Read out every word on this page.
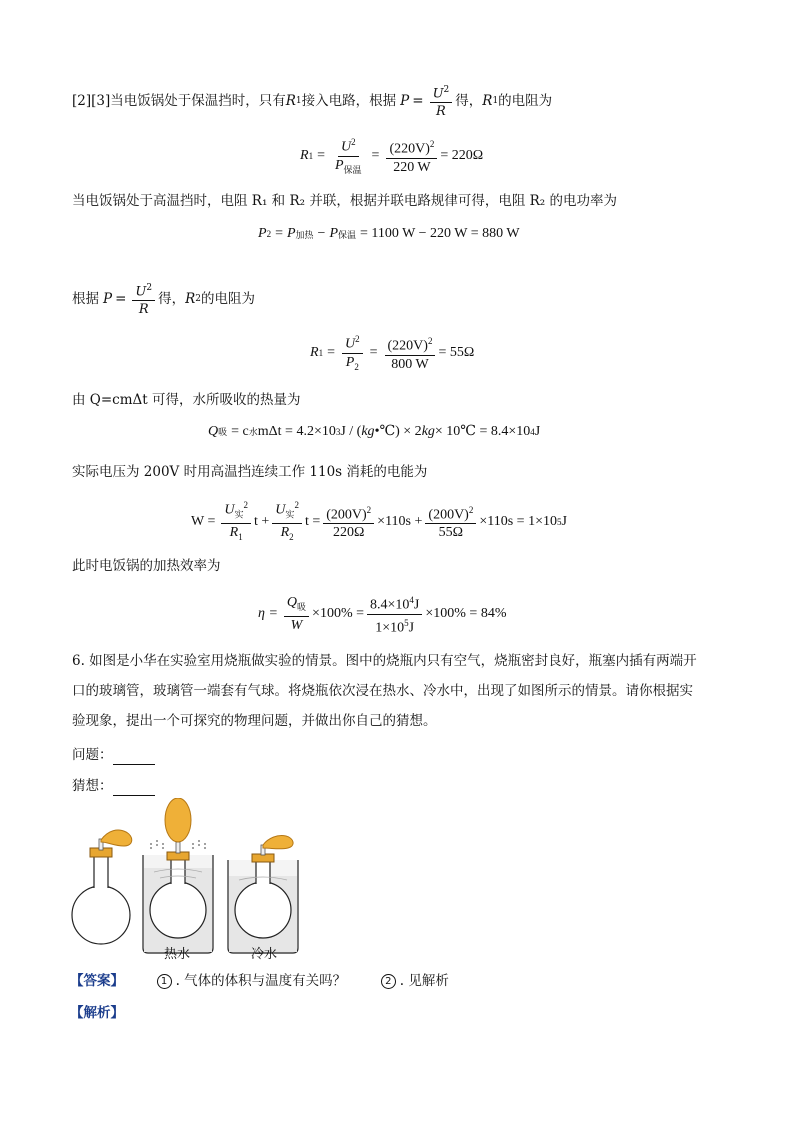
[2][3]当电饭锅处于保温挡时，只有 R 1 接入电路，根据 $P = \frac{U^2}{R}$ 得， R 1 的电阻为
R $1 = \frac{U^2}{P_{保温}} = \frac{(220V)^2}{220 W} = 220\Omega$
当电饭锅处于高温挡时，电阻 R₁ 和 R₂ 并联，根据并联电路规律可得，电阻 R₂ 的电功率为
P 2 = P 加热 − P 保温 = 1100 W − 220 W = 880 W
根据 $P = \frac{U^2}{R}$ 得， R 2 的电阻为
R $1 = \frac{U^2}{P_2} = \frac{(220V)^2}{800 W} = 55\Omega$
由 Q=cmΔt 可得，水所吸收的热量为
Q 吸 = c 水 mΔt = 4.2×10 3 J / ( kg •℃) × 2 kg × 10℃ = 8.4×10 4 J
实际电压为 200V 时用高温挡连续工作 110s 消耗的电能为
$W = \frac{U_实^2}{R_1}$ $t + \frac{U_实^2}{R_2}$ $t = \frac{(200V)^2}{220\Omega} \times 110s + \frac{(200V)^2}{55\Omega} \times 110s = 1\times 10$ 5 J
此时电饭锅的加热效率为
$\eta = \frac{Q_吸}{W} \times 100\% = \frac{8.4\times 10^4J}{1\times 10^5J} \times 100\% = 84\%$
6. 如图是小华在实验室用烧瓶做实验的情景。图中的烧瓶内只有空气，烧瓶密封良好，瓶塞内插有两端开
口的玻璃管，玻璃管一端套有气球。将烧瓶依次浸在热水、冷水中，出现了如图所示的情景。请你根据实
验现象，提出一个可探究的物理问题，并做出你自己的猜想。
问题：
猜想：
热水	冷水
【答案】	1 . 气体的体积与温度有关吗？	2 . 见解析
【解析】
